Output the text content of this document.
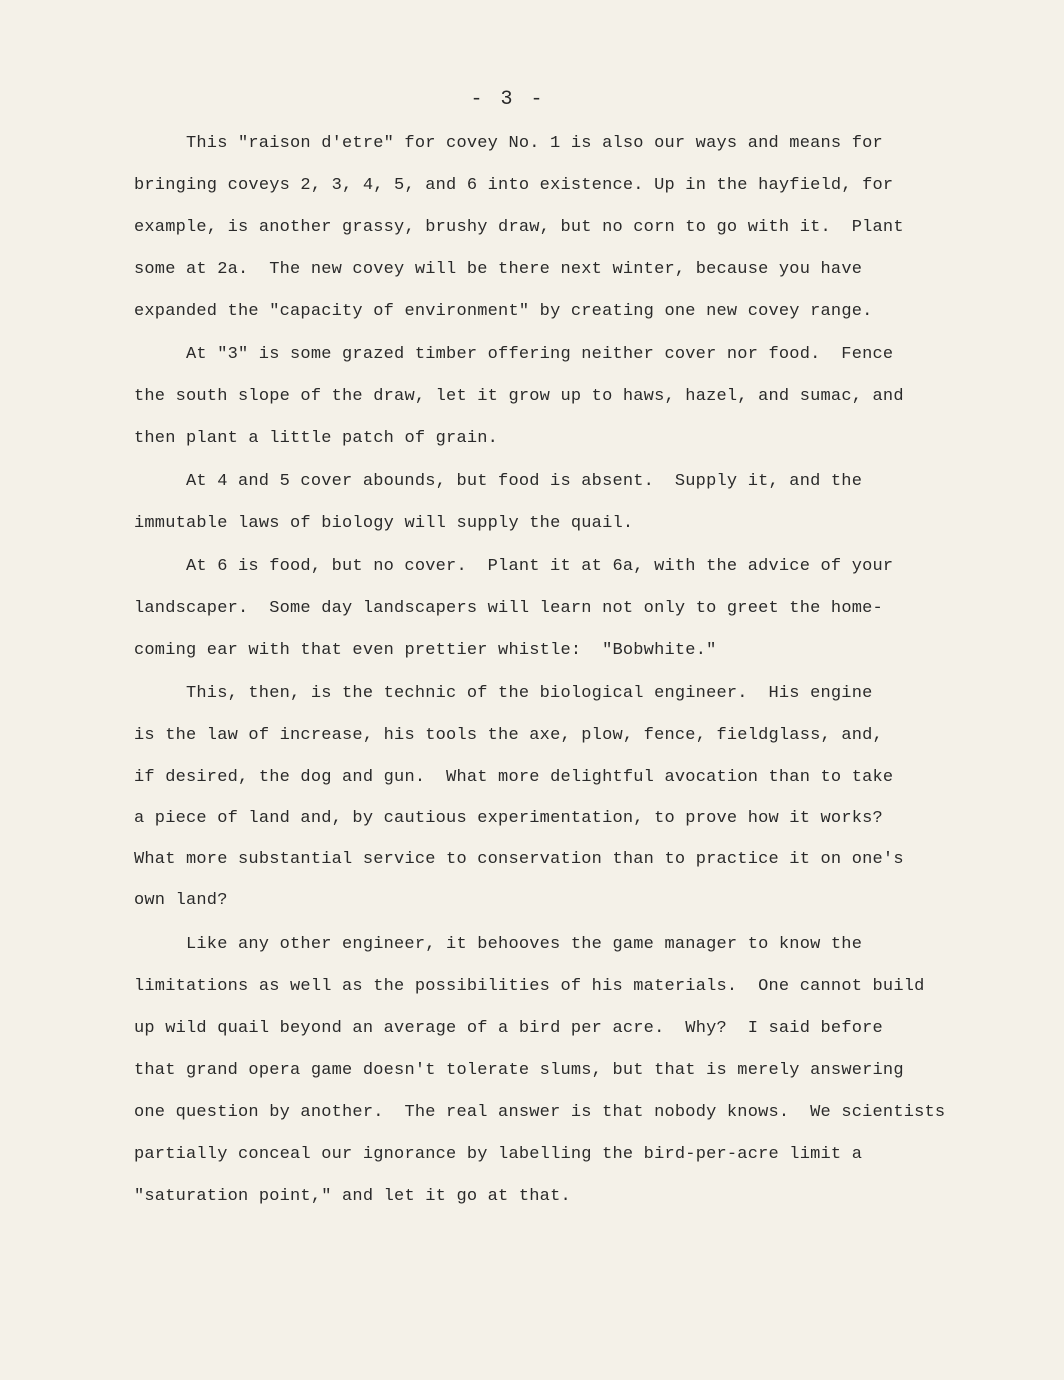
- 3 -
This "raison d'etre" for covey No. 1 is also our ways and means for
bringing coveys 2, 3, 4, 5, and 6 into existence. Up in the hayfield, for
example, is another grassy, brushy draw, but no corn to go with it.  Plant
some at 2a.  The new covey will be there next winter, because you have
expanded the "capacity of environment" by creating one new covey range.
At "3" is some grazed timber offering neither cover nor food.  Fence
the south slope of the draw, let it grow up to haws, hazel, and sumac, and
then plant a little patch of grain.
At 4 and 5 cover abounds, but food is absent.  Supply it, and the
immutable laws of biology will supply the quail.
At 6 is food, but no cover.  Plant it at 6a, with the advice of your
landscaper.  Some day landscapers will learn not only to greet the home-
coming ear with that even prettier whistle:  "Bobwhite."
This, then, is the technic of the biological engineer.  His engine
is the law of increase, his tools the axe, plow, fence, fieldglass, and,
if desired, the dog and gun.  What more delightful avocation than to take
a piece of land and, by cautious experimentation, to prove how it works?
What more substantial service to conservation than to practice it on one's
own land?
Like any other engineer, it behooves the game manager to know the
limitations as well as the possibilities of his materials.  One cannot build
up wild quail beyond an average of a bird per acre.  Why?  I said before
that grand opera game doesn't tolerate slums, but that is merely answering
one question by another.  The real answer is that nobody knows.  We scientists
partially conceal our ignorance by labelling the bird-per-acre limit a
"saturation point," and let it go at that.
